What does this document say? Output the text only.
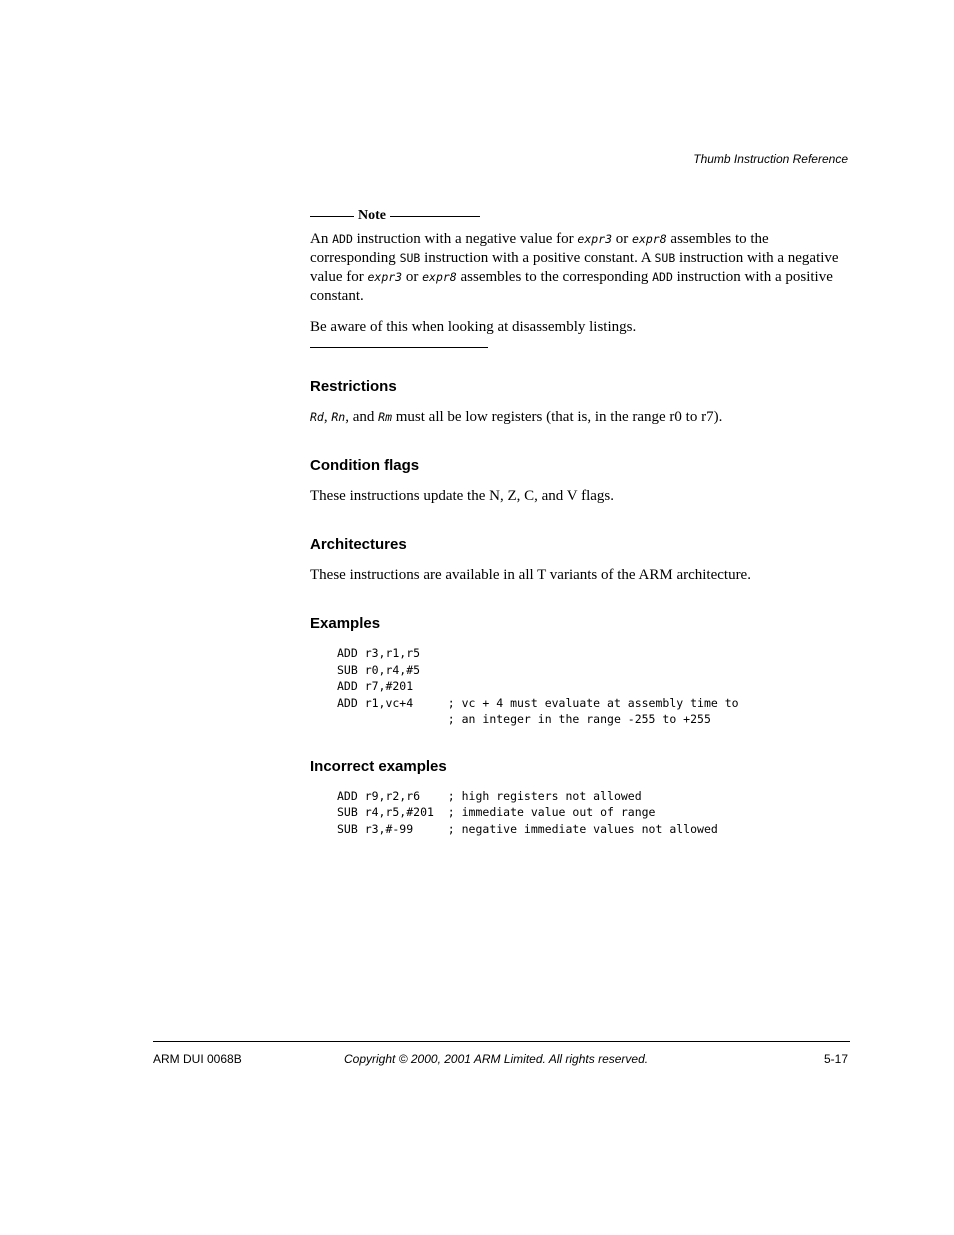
Thumb Instruction Reference
Note

An ADD instruction with a negative value for expr3 or expr8 assembles to the corresponding SUB instruction with a positive constant. A SUB instruction with a negative value for expr3 or expr8 assembles to the corresponding ADD instruction with a positive constant.

Be aware of this when looking at disassembly listings.

Restrictions

Rd, Rn, and Rm must all be low registers (that is, in the range r0 to r7).

Condition flags

These instructions update the N, Z, C, and V flags.

Architectures

These instructions are available in all T variants of the ARM architecture.

Examples
ADD r3,r1,r5
SUB r0,r4,#5
ADD r7,#201
ADD r1,vc+4     ; vc + 4 must evaluate at assembly time to
; an integer in the range -255 to +255
Incorrect examples
ADD r9,r2,r6    ; high registers not allowed
SUB r4,r5,#201  ; immediate value out of range
SUB r3,#-99     ; negative immediate values not allowed
ARM DUI 0068B	Copyright © 2000, 2001 ARM Limited. All rights reserved.	5-17
